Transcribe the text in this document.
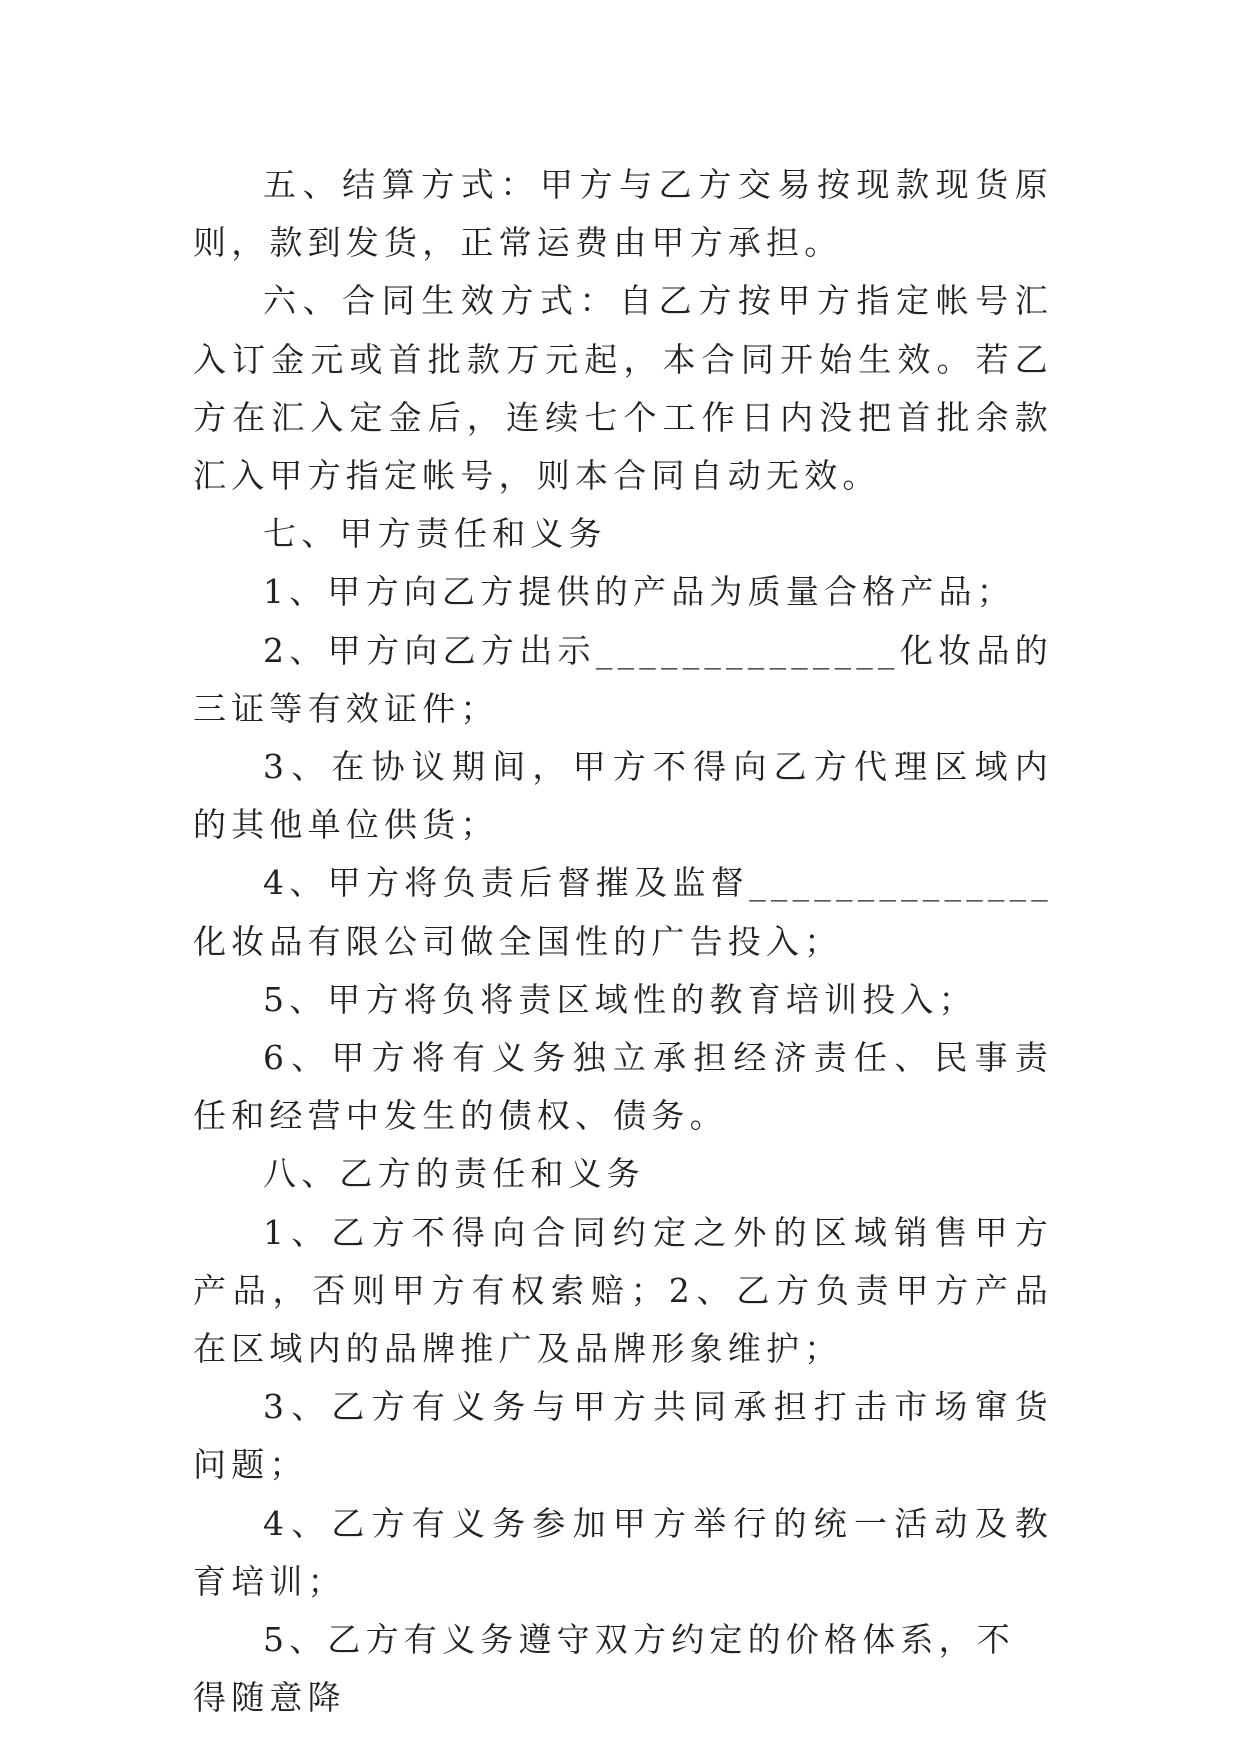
五、结算方式：甲方与乙方交易按现款现货原则，款到发货，正常运费由甲方承担。

六、合同生效方式：自乙方按甲方指定帐号汇入订金元或首批款万元起，本合同开始生效。若乙方在汇入定金后，连续七个工作日内没把首批余款汇入甲方指定帐号，则本合同自动无效。

七、甲方责任和义务

1、甲方向乙方提供的产品为质量合格产品；

2、甲方向乙方出示______________化妆品的三证等有效证件；

3、在协议期间，甲方不得向乙方代理区域内的其他单位供货；

4、甲方将负责后督摧及监督______________化妆品有限公司做全国性的广告投入；

5、甲方将负将责区域性的教育培训投入；

6、甲方将有义务独立承担经济责任、民事责任和经营中发生的债权、债务。

八、乙方的责任和义务

1、乙方不得向合同约定之外的区域销售甲方产品，否则甲方有权索赔；2、乙方负责甲方产品在区域内的品牌推广及品牌形象维护；

3、乙方有义务与甲方共同承担打击市场窜货问题；

4、乙方有义务参加甲方举行的统一活动及教育培训；

5、乙方有义务遵守双方约定的价格体系，不得随意降
